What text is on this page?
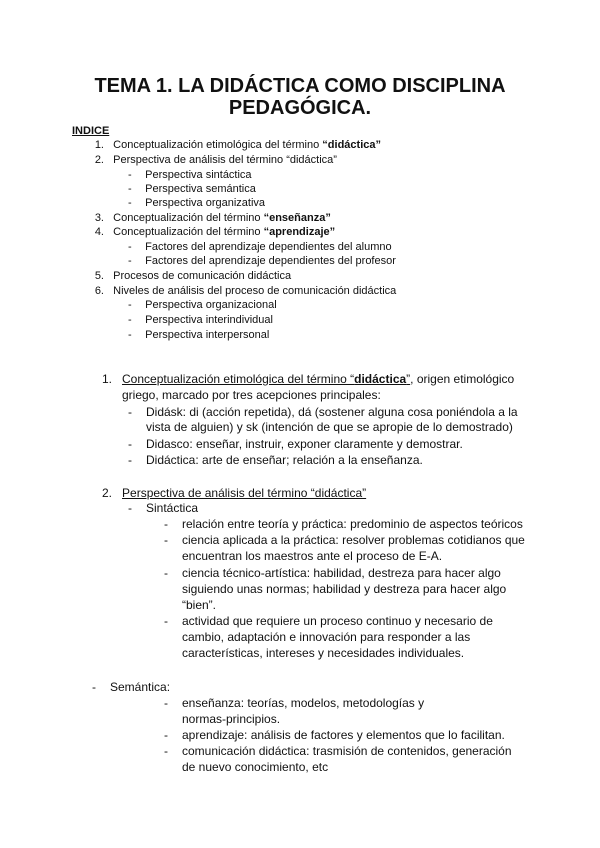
TEMA 1. LA DIDÁCTICA COMO DISCIPLINA
PEDAGÓGICA.
INDICE
1. Conceptualización etimológica del término “didáctica”
2. Perspectiva de análisis del término “didáctica”
- Perspectiva sintáctica
- Perspectiva semántica
- Perspectiva organizativa
3. Conceptualización del término “enseñanza”
4. Conceptualización del término “aprendizaje”
- Factores del aprendizaje dependientes del alumno
- Factores del aprendizaje dependientes del profesor
5. Procesos de comunicación didáctica
6. Niveles de análisis del proceso de comunicación didáctica
- Perspectiva organizacional
- Perspectiva interindividual
- Perspectiva interpersonal
1. Conceptualización etimológica del término “didáctica”, origen etimológico
griego, marcado por tres acepciones principales:
- Didásk: di (acción repetida), dá (sostener alguna cosa poniéndola a la
vista de alguien) y sk (intención de que se apropie de lo demostrado)
- Didasco: enseñar, instruir, exponer claramente y demostrar.
- Didáctica: arte de enseñar; relación a la enseñanza.
2. Perspectiva de análisis del término “didáctica”
- Sintáctica
- relación entre teoría y práctica: predominio de aspectos teóricos
- ciencia aplicada a la práctica: resolver problemas cotidianos que
encuentran los maestros ante el proceso de E-A.
- ciencia técnico-artística: habilidad, destreza para hacer algo
siguiendo unas normas; habilidad y destreza para hacer algo
“bien”.
- actividad que requiere un proceso continuo y necesario de
cambio, adaptación e innovación para responder a las
características, intereses y necesidades individuales.
- Semántica:
- enseñanza: teorías, modelos, metodologías y
normas-principios.
- aprendizaje: análisis de factores y elementos que lo facilitan.
- comunicación didáctica: trasmisión de contenidos, generación
de nuevo conocimiento, etc
